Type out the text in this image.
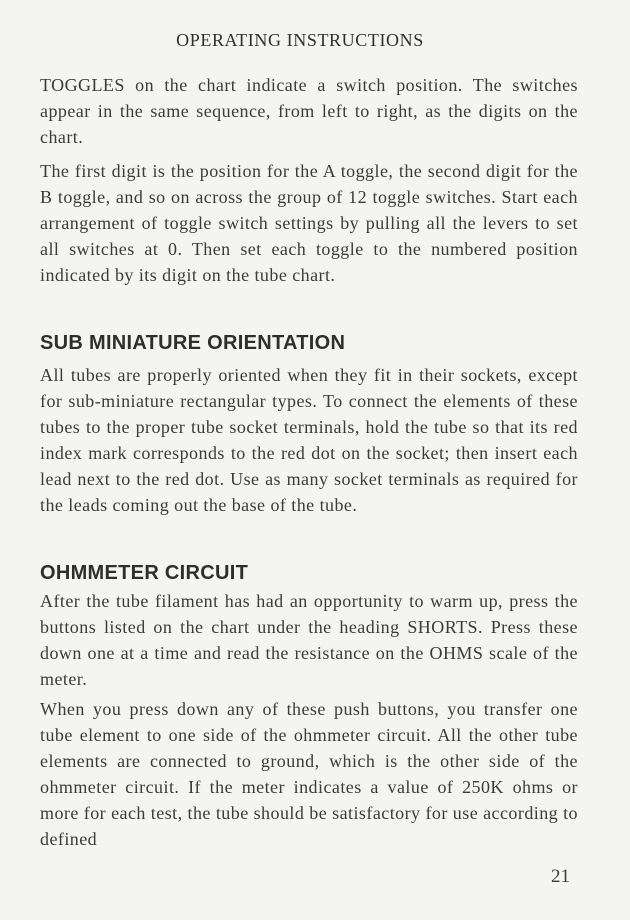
OPERATING INSTRUCTIONS

TOGGLES on the chart indicate a switch position. The switches appear in the same sequence, from left to right, as the digits on the chart.

The first digit is the position for the A toggle, the second digit for the B toggle, and so on across the group of 12 toggle switches. Start each arrangement of toggle switch settings by pulling all the levers to set all switches at 0. Then set each toggle to the numbered position indicated by its digit on the tube chart.

SUB MINIATURE ORIENTATION

All tubes are properly oriented when they fit in their sockets, except for sub-miniature rectangular types. To connect the elements of these tubes to the proper tube socket terminals, hold the tube so that its red index mark corresponds to the red dot on the socket; then insert each lead next to the red dot. Use as many socket terminals as required for the leads coming out the base of the tube.

OHMMETER CIRCUIT

After the tube filament has had an opportunity to warm up, press the buttons listed on the chart under the heading SHORTS. Press these down one at a time and read the resistance on the OHMS scale of the meter.

When you press down any of these push buttons, you transfer one tube element to one side of the ohmmeter circuit. All the other tube elements are connected to ground, which is the other side of the ohmmeter circuit. If the meter indicates a value of 250K ohms or more for each test, the tube should be satisfactory for use according to defined

21
